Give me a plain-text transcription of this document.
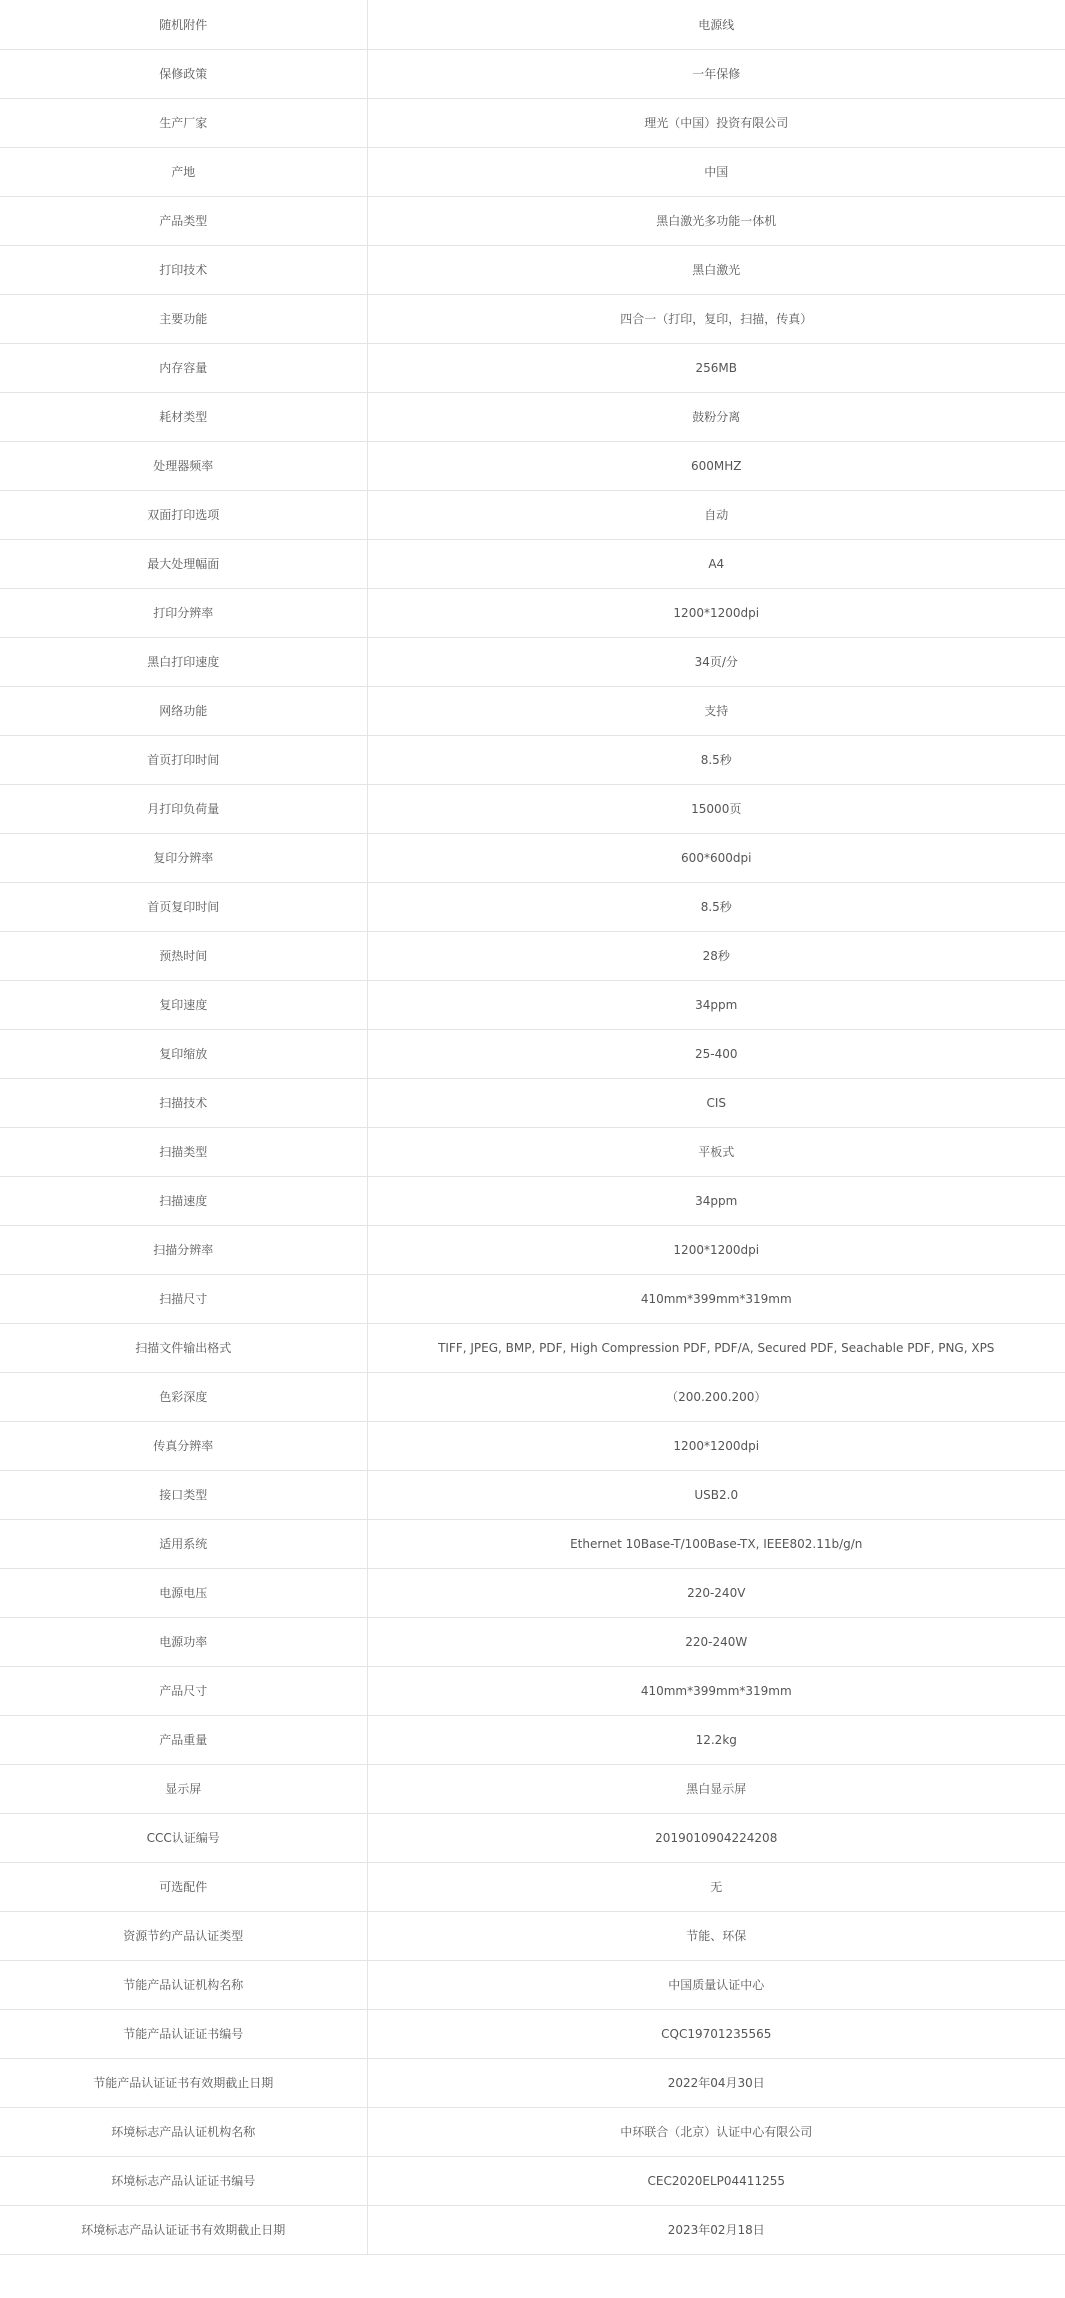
随机附件	电源线
保修政策	一年保修
生产厂家	理光（中国）投资有限公司
产地	中国
产品类型	黑白激光多功能一体机
打印技术	黑白激光
主要功能	四合一（打印，复印，扫描，传真）
内存容量	256MB
耗材类型	鼓粉分离
处理器频率	600MHZ
双面打印选项	自动
最大处理幅面	A4
打印分辨率	1200*1200dpi
黑白打印速度	34页/分
网络功能	支持
首页打印时间	8.5秒
月打印负荷量	15000页
复印分辨率	600*600dpi
首页复印时间	8.5秒
预热时间	28秒
复印速度	34ppm
复印缩放	25-400
扫描技术	CIS
扫描类型	平板式
扫描速度	34ppm
扫描分辨率	1200*1200dpi
扫描尺寸	410mm*399mm*319mm
扫描文件输出格式	TIFF, JPEG, BMP, PDF, High Compression PDF, PDF/A, Secured PDF, Seachable PDF, PNG, XPS
色彩深度	（200.200.200）
传真分辨率	1200*1200dpi
接口类型	USB2.0
适用系统	Ethernet 10Base-T/100Base-TX, IEEE802.11b/g/n
电源电压	220-240V
电源功率	220-240W
产品尺寸	410mm*399mm*319mm
产品重量	12.2kg
显示屏	黑白显示屏
CCC认证编号	2019010904224208
可选配件	无
资源节约产品认证类型	节能、环保
节能产品认证机构名称	中国质量认证中心
节能产品认证证书编号	CQC19701235565
节能产品认证证书有效期截止日期	2022年04月30日
环境标志产品认证机构名称	中环联合（北京）认证中心有限公司
环境标志产品认证证书编号	CEC2020ELP04411255
环境标志产品认证证书有效期截止日期	2023年02月18日
